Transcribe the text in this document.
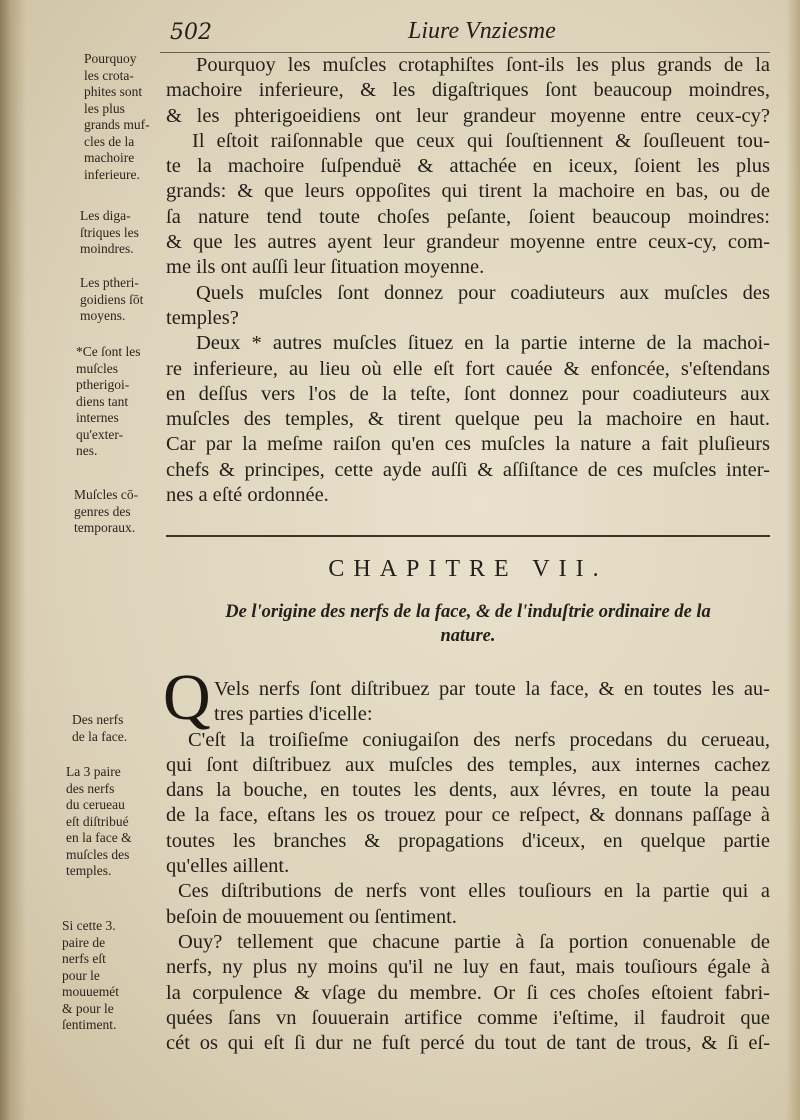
502	Liure Vnziesme
Pourquoy
les crota-
phites sont
les plus
grands muf-
cles de la
machoire
inferieure.
Les diga-
ſtriques les
moindres.
Les ptheri-
goidiens ſōt
moyens.
*Ce ſont les
muſcles
ptherigoi-
diens tant
internes
qu'exter-
nes.
Muſcles cō-
genres des
temporaux.
Des nerfs
de la face.
La 3 paire
des nerfs
du cerueau
eſt diſtribué
en la face &
muſcles des
temples.
Si cette 3.
paire de
nerfs eſt
pour le
mouuemét
& pour le
ſentiment.
Pourquoy les muſcles crotaphiſtes ſont-ils les plus grands de la
machoire inferieure, & les digaſtriques ſont beaucoup moindres,
& les phterigoeidiens ont leur grandeur moyenne entre ceux-cy?
Il eſtoit raiſonnable que ceux qui ſouſtiennent & ſouſleuent tou-
te la machoire ſuſpenduë & attachée en iceux, ſoient les plus
grands: & que leurs oppoſites qui tirent la machoire en bas, ou de
ſa nature tend toute choſes peſante, ſoient beaucoup moindres:
& que les autres ayent leur grandeur moyenne entre ceux-cy, com-
me ils ont auſſi leur ſituation moyenne.
Quels muſcles ſont donnez pour coadiuteurs aux muſcles des
temples?
Deux * autres muſcles ſituez en la partie interne de la machoi-
re inferieure, au lieu où elle eſt fort cauée & enfoncée, s'eſtendans
en deſſus vers l'os de la teſte, ſont donnez pour coadiuteurs aux
muſcles des temples, & tirent quelque peu la machoire en haut.
Car par la meſme raiſon qu'en ces muſcles la nature a fait pluſieurs
chefs & principes, cette ayde auſſi & aſſiſtance de ces muſcles inter-
nes a eſté ordonnée.
CHAPITRE VII.
De l'origine des nerfs de la face, & de l'induſtrie ordinaire de la
nature.
Q Vels nerfs ſont diſtribuez par toute la face, & en toutes les au-
tres parties d'icelle:
C'eſt la troiſieſme coniugaiſon des nerfs procedans du cerueau,
qui ſont diſtribuez aux muſcles des temples, aux internes cachez
dans la bouche, en toutes les dents, aux lévres, en toute la peau
de la face, eſtans les os trouez pour ce reſpect, & donnans paſſage à
toutes les branches & propagations d'iceux, en quelque partie
qu'elles aillent.
Ces diſtributions de nerfs vont elles touſiours en la partie qui a
beſoin de mouuement ou ſentiment.
Ouy? tellement que chacune partie à ſa portion conuenable de
nerfs, ny plus ny moins qu'il ne luy en faut, mais touſiours égale à
la corpulence & vſage du membre. Or ſi ces choſes eſtoient fabri-
quées ſans vn ſouuerain artifice comme i'eſtime, il faudroit que
cét os qui eſt ſi dur ne fuſt percé du tout de tant de trous, & ſi eſ-
